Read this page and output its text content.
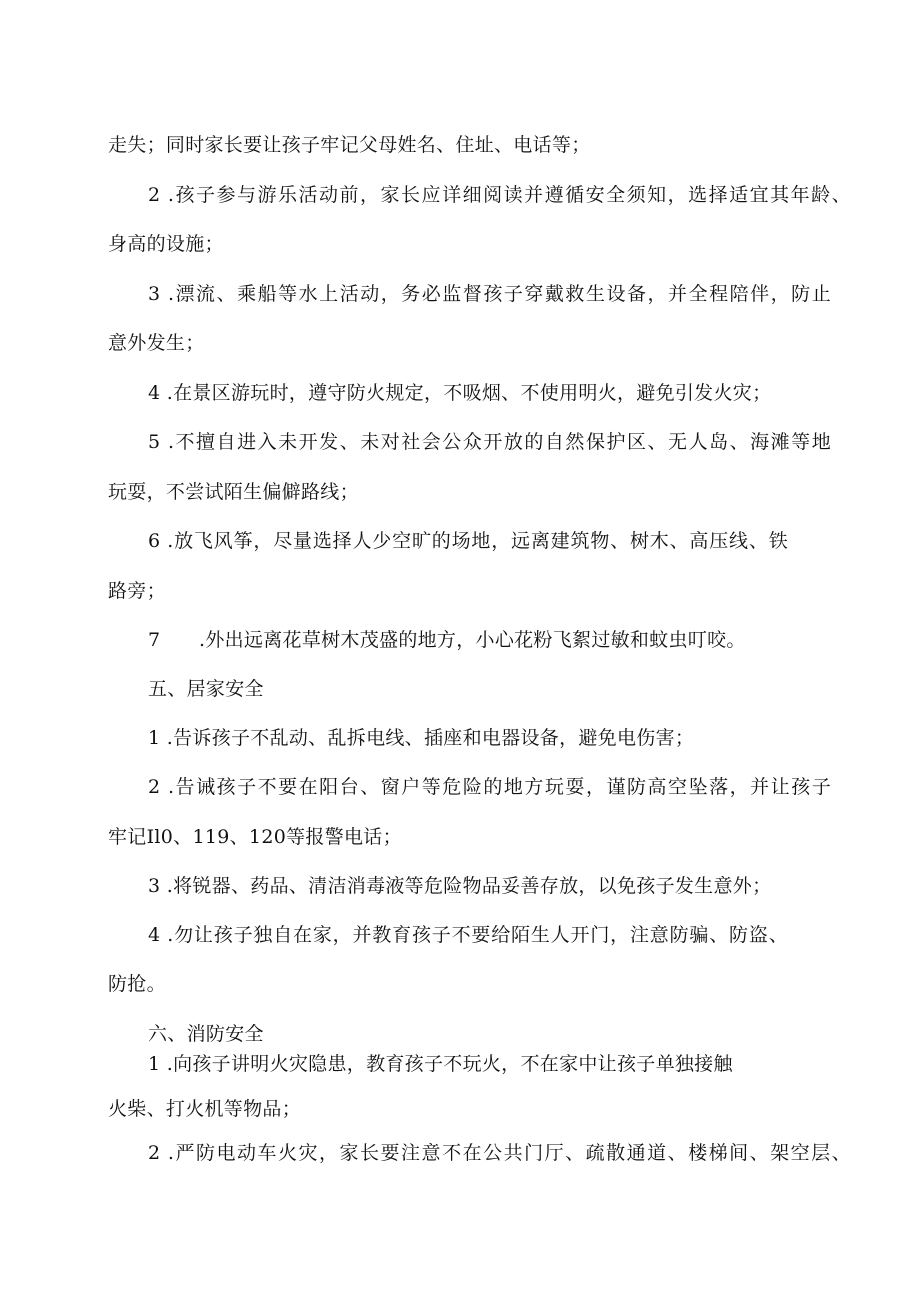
走失；同时家长要让孩子牢记父母姓名、住址、电话等；
2 .孩子参与游乐活动前，家长应详细阅读并遵循安全须知，选择适宜其年龄、
身高的设施；
3 .漂流、乘船等水上活动，务必监督孩子穿戴救生设备，并全程陪伴，防止
意外发生；
4 .在景区游玩时，遵守防火规定，不吸烟、不使用明火，避免引发火灾；
5 .不擅自进入未开发、未对社会公众开放的自然保护区、无人岛、海滩等地
玩耍，不尝试陌生偏僻路线；
6 .放飞风筝，尽量选择人少空旷的场地，远离建筑物、树木、高压线、铁
路旁；
7　　.外出远离花草树木茂盛的地方，小心花粉飞絮过敏和蚊虫叮咬。
五、居家安全
1 .告诉孩子不乱动、乱拆电线、插座和电器设备，避免电伤害；
2 .告诫孩子不要在阳台、窗户等危险的地方玩耍，谨防高空坠落，并让孩子
牢记Il0、119、120等报警电话；
3 .将锐器、药品、清洁消毒液等危险物品妥善存放，以免孩子发生意外；
4 .勿让孩子独自在家，并教育孩子不要给陌生人开门，注意防骗、防盗、
防抢。
六、消防安全
1 .向孩子讲明火灾隐患，教育孩子不玩火，不在家中让孩子单独接触
火柴、打火机等物品；
2 .严防电动车火灾，家长要注意不在公共门厅、疏散通道、楼梯间、架空层、
